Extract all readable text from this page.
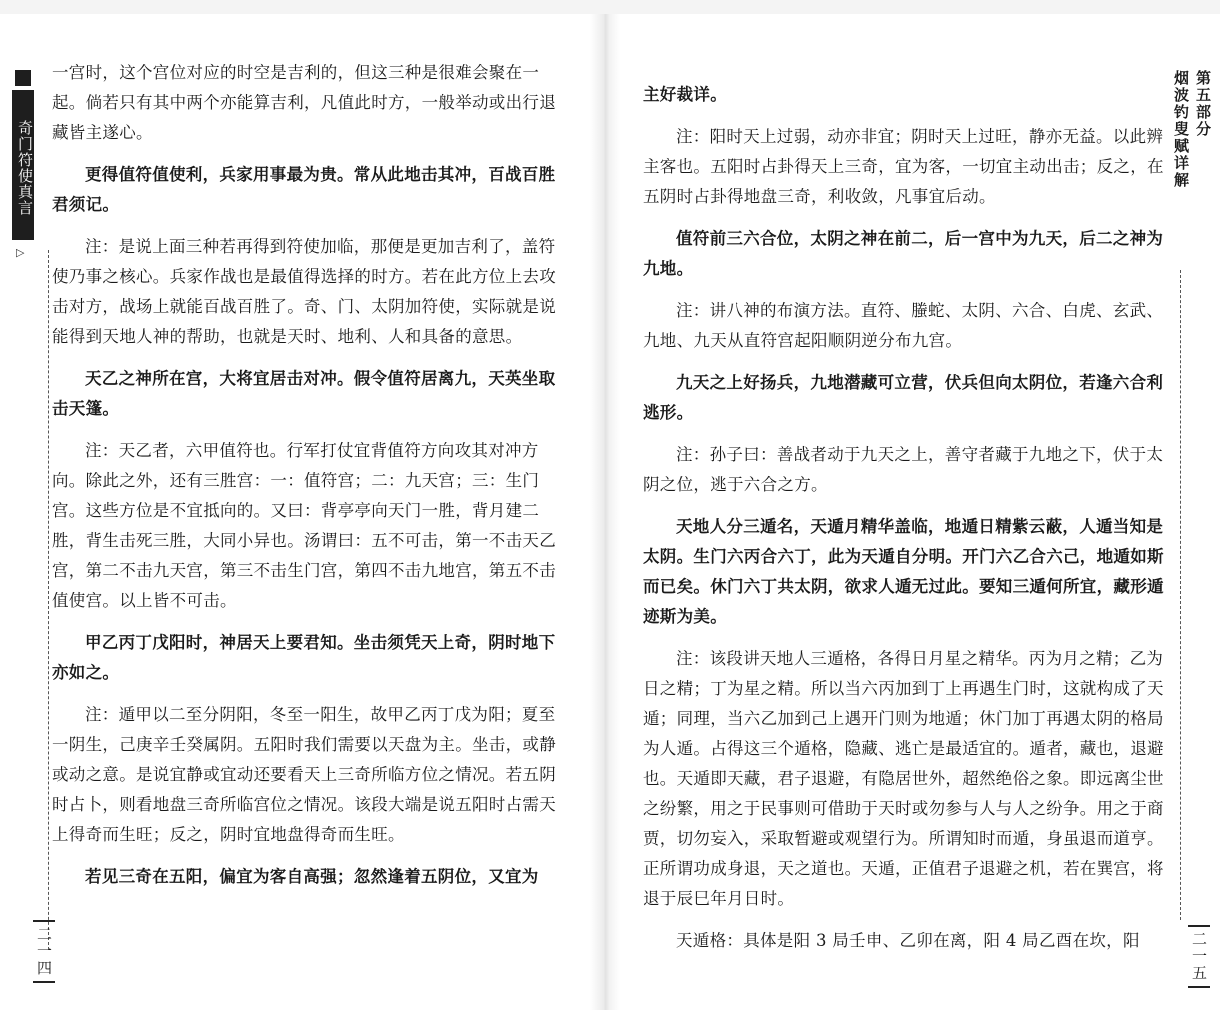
奇门符使真言
▷
第五部分
烟波钓叟赋详解

一宫时，这个宫位对应的时空是吉利的，但这三种是很难会聚在一起。倘若只有其中两个亦能算吉利，凡值此时方，一般举动或出行退藏皆主遂心。

更得值符值使利，兵家用事最为贵。常从此地击其冲，百战百胜君须记。

注：是说上面三种若再得到符使加临，那便是更加吉利了，盖符使乃事之核心。兵家作战也是最值得选择的时方。若在此方位上去攻击对方，战场上就能百战百胜了。奇、门、太阴加符使，实际就是说能得到天地人神的帮助，也就是天时、地利、人和具备的意思。

天乙之神所在宫，大将宜居击对冲。假令值符居离九，天英坐取击天篷。

注：天乙者，六甲值符也。行军打仗宜背值符方向攻其对冲方向。除此之外，还有三胜宫：一：值符宫；二：九天宫；三：生门宫。这些方位是不宜抵向的。又曰：背亭亭向天门一胜，背月建二胜，背生击死三胜，大同小异也。汤谓曰：五不可击，第一不击天乙宫，第二不击九天宫，第三不击生门宫，第四不击九地宫，第五不击值使宫。以上皆不可击。

甲乙丙丁戊阳时，神居天上要君知。坐击须凭天上奇，阴时地下亦如之。

注：遁甲以二至分阴阳，冬至一阳生，故甲乙丙丁戊为阳；夏至一阴生，己庚辛壬癸属阴。五阳时我们需要以天盘为主。坐击，或静或动之意。是说宜静或宜动还要看天上三奇所临方位之情况。若五阴时占卜，则看地盘三奇所临宫位之情况。该段大端是说五阳时占需天上得奇而生旺；反之，阴时宜地盘得奇而生旺。

若见三奇在五阳，偏宜为客自高强；忽然逢着五阴位，又宜为

主好裁详。

注：阳时天上过弱，动亦非宜；阴时天上过旺，静亦无益。以此辨主客也。五阳时占卦得天上三奇，宜为客，一切宜主动出击；反之，在五阴时占卦得地盘三奇，利收敛，凡事宜后动。

值符前三六合位，太阴之神在前二，后一宫中为九天，后二之神为九地。

注：讲八神的布演方法。直符、螣蛇、太阴、六合、白虎、玄武、九地、九天从直符宫起阳顺阴逆分布九宫。

九天之上好扬兵，九地潜藏可立营，伏兵但向太阴位，若逢六合利逃形。

注：孙子曰：善战者动于九天之上，善守者藏于九地之下，伏于太阴之位，逃于六合之方。

天地人分三遁名，天遁月精华盖临，地遁日精紫云蔽，人遁当知是太阴。生门六丙合六丁，此为天遁自分明。开门六乙合六己，地遁如斯而已矣。休门六丁共太阴，欲求人遁无过此。要知三遁何所宜，藏形遁迹斯为美。

注：该段讲天地人三遁格，各得日月星之精华。丙为月之精；乙为日之精；丁为星之精。所以当六丙加到丁上再遇生门时，这就构成了天遁；同理，当六乙加到己上遇开门则为地遁；休门加丁再遇太阴的格局为人遁。占得这三个遁格，隐藏、逃亡是最适宜的。遁者，藏也，退避也。天遁即天藏，君子退避，有隐居世外，超然绝俗之象。即远离尘世之纷繁，用之于民事则可借助于天时或勿参与人与人之纷争。用之于商贾，切勿妄入，采取暂避或观望行为。所谓知时而遁，身虽退而道亨。正所谓功成身退，天之道也。天遁，正值君子退避之机，若在巽宫，将退于辰巳年月日时。

天遁格：具体是阳 3 局壬申、乙卯在离，阳 4 局乙酉在坎，阳

二一四	二一五
